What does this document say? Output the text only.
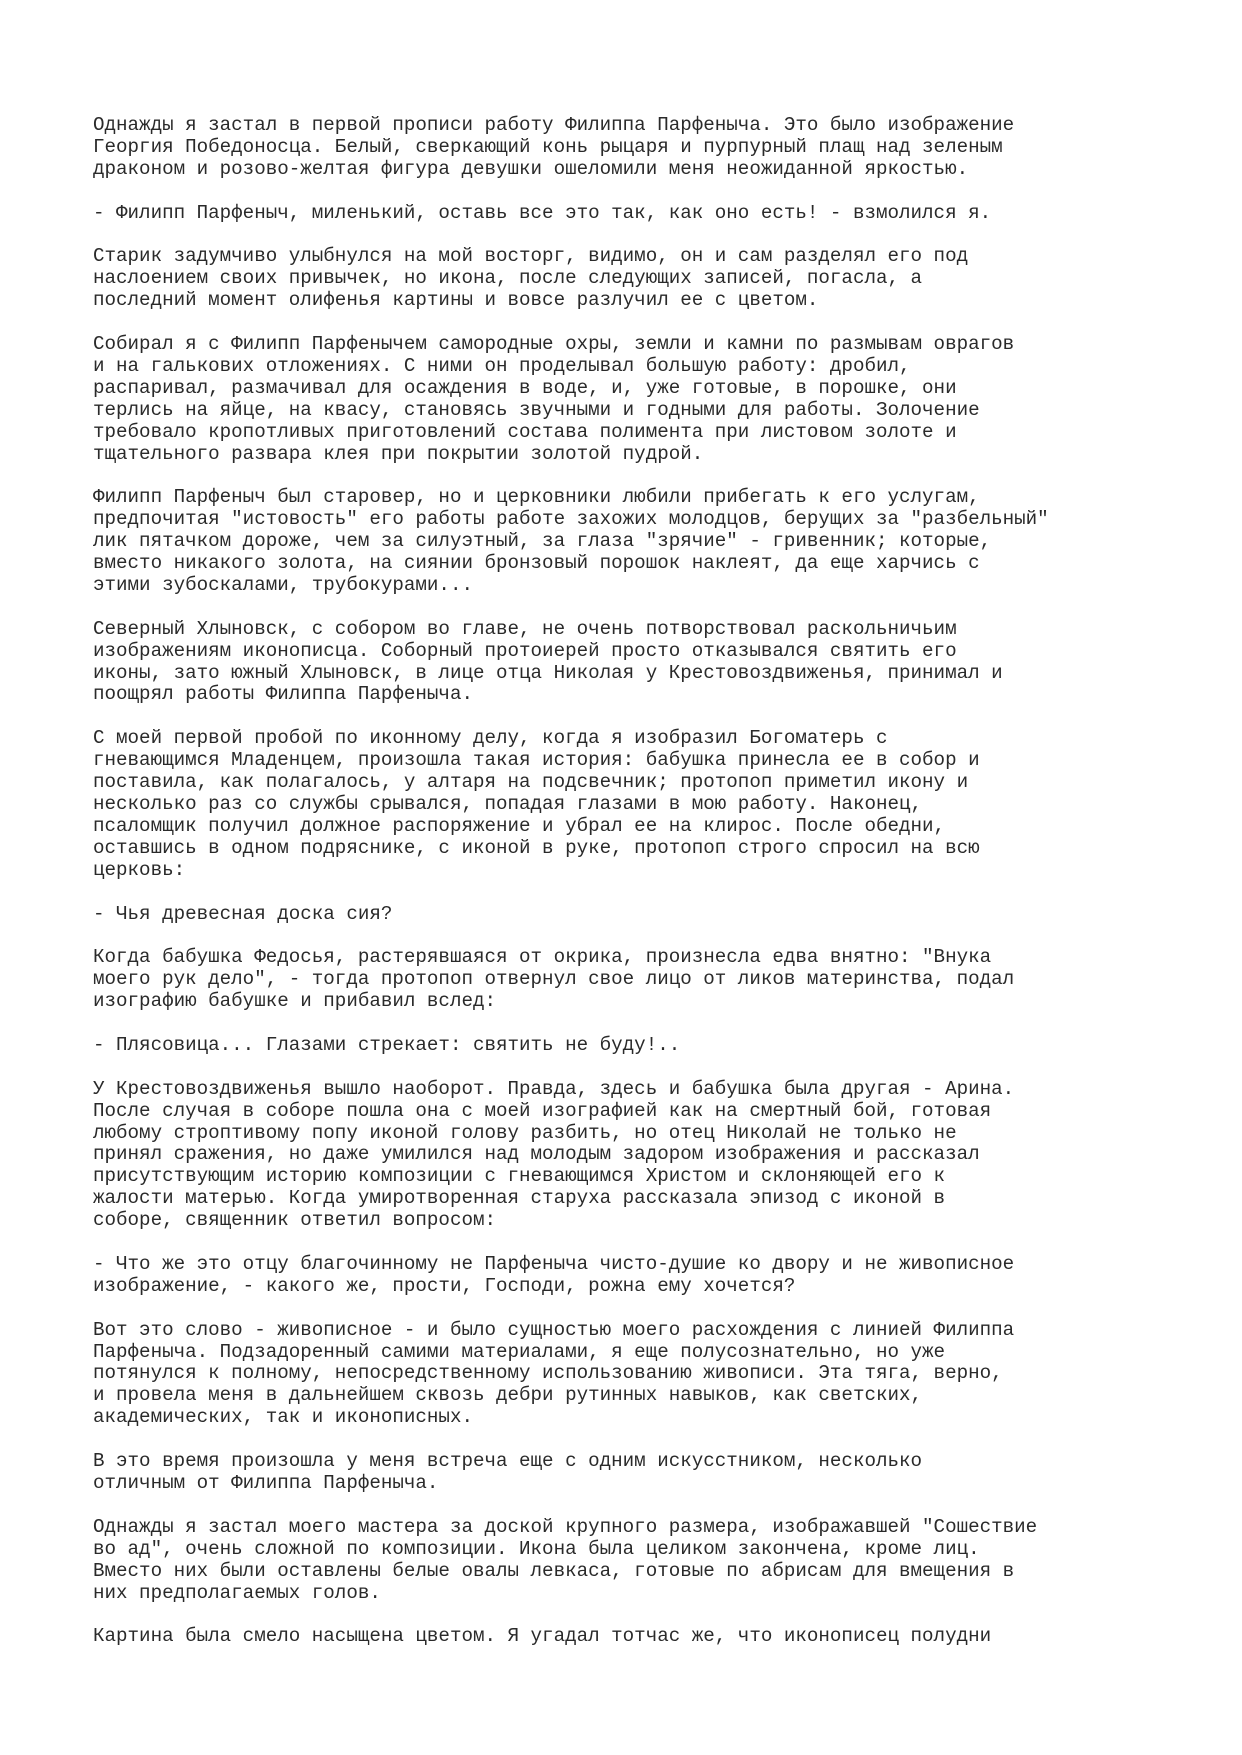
Однажды я застал в первой прописи работу Филиппа Парфеныча. Это было изображение
Георгия Победоносца. Белый, сверкающий конь рыцаря и пурпурный плащ над зеленым
драконом и розово-желтая фигура девушки ошеломили меня неожиданной яркостью.

- Филипп Парфеныч, миленький, оставь все это так, как оно есть! - взмолился я.

Старик задумчиво улыбнулся на мой восторг, видимо, он и сам разделял его под
наслоением своих привычек, но икона, после следующих записей, погасла, а
последний момент олифенья картины и вовсе разлучил ее с цветом.

Собирал я с Филипп Парфенычем самородные охры, земли и камни по размывам оврагов
и на галькових отложениях. С ними он проделывал большую работу: дробил,
распаривал, размачивал для осаждения в воде, и, уже готовые, в порошке, они
терлись на яйце, на квасу, становясь звучными и годными для работы. Золочение
требовало кропотливых приготовлений состава полимента при листовом золоте и
тщательного развара клея при покрытии золотой пудрой.

Филипп Парфеныч был старовер, но и церковники любили прибегать к его услугам,
предпочитая "истовость" его работы работе захожих молодцов, берущих за "разбельный"
лик пятачком дороже, чем за силуэтный, за глаза "зрячие" - гривенник; которые,
вместо никакого золота, на сиянии бронзовый порошок наклеят, да еще харчись с
этими зубоскалами, трубокурами...

Северный Хлыновск, с собором во главе, не очень потворствовал раскольничьим
изображениям иконописца. Соборный протоиерей просто отказывался святить его
иконы, зато южный Хлыновск, в лице отца Николая у Крестовоздвиженья, принимал и
поощрял работы Филиппа Парфеныча.

С моей первой пробой по иконному делу, когда я изобразил Богоматерь с
гневающимся Младенцем, произошла такая история: бабушка принесла ее в собор и
поставила, как полагалось, у алтаря на подсвечник; протопоп приметил икону и
несколько раз со службы срывался, попадая глазами в мою работу. Наконец,
псаломщик получил должное распоряжение и убрал ее на клирос. После обедни,
оставшись в одном подряснике, с иконой в руке, протопоп строго спросил на всю
церковь:

- Чья древесная доска сия?

Когда бабушка Федосья, растерявшаяся от окрика, произнесла едва внятно: "Внука
моего рук дело", - тогда протопоп отвернул свое лицо от ликов материнства, подал
изографию бабушке и прибавил вслед:

- Плясовица... Глазами стрекает: святить не буду!..

У Крестовоздвиженья вышло наоборот. Правда, здесь и бабушка была другая - Арина.
После случая в соборе пошла она с моей изографией как на смертный бой, готовая
любому строптивому попу иконой голову разбить, но отец Николай не только не
принял сражения, но даже умилился над молодым задором изображения и рассказал
присутствующим историю композиции с гневающимся Христом и склоняющей его к
жалости матерью. Когда умиротворенная старуха рассказала эпизод с иконой в
соборе, священник ответил вопросом:

- Что же это отцу благочинному не Парфеныча чисто-душие ко двору и не живописное
изображение, - какого же, прости, Господи, рожна ему хочется?

Вот это слово - живописное - и было сущностью моего расхождения с линией Филиппа
Парфеныча. Подзадоренный самими материалами, я еще полусознательно, но уже
потянулся к полному, непосредственному использованию живописи. Эта тяга, верно,
и провела меня в дальнейшем сквозь дебри рутинных навыков, как светских,
академических, так и иконописных.

В это время произошла у меня встреча еще с одним искусстником, несколько
отличным от Филиппа Парфеныча.

Однажды я застал моего мастера за доской крупного размера, изображавшей "Сошествие
во ад", очень сложной по композиции. Икона была целиком закончена, кроме лиц.
Вместо них были оставлены белые овалы левкаса, готовые по абрисам для вмещения в
них предполагаемых голов.

Картина была смело насыщена цветом. Я угадал тотчас же, что иконописец полудни
